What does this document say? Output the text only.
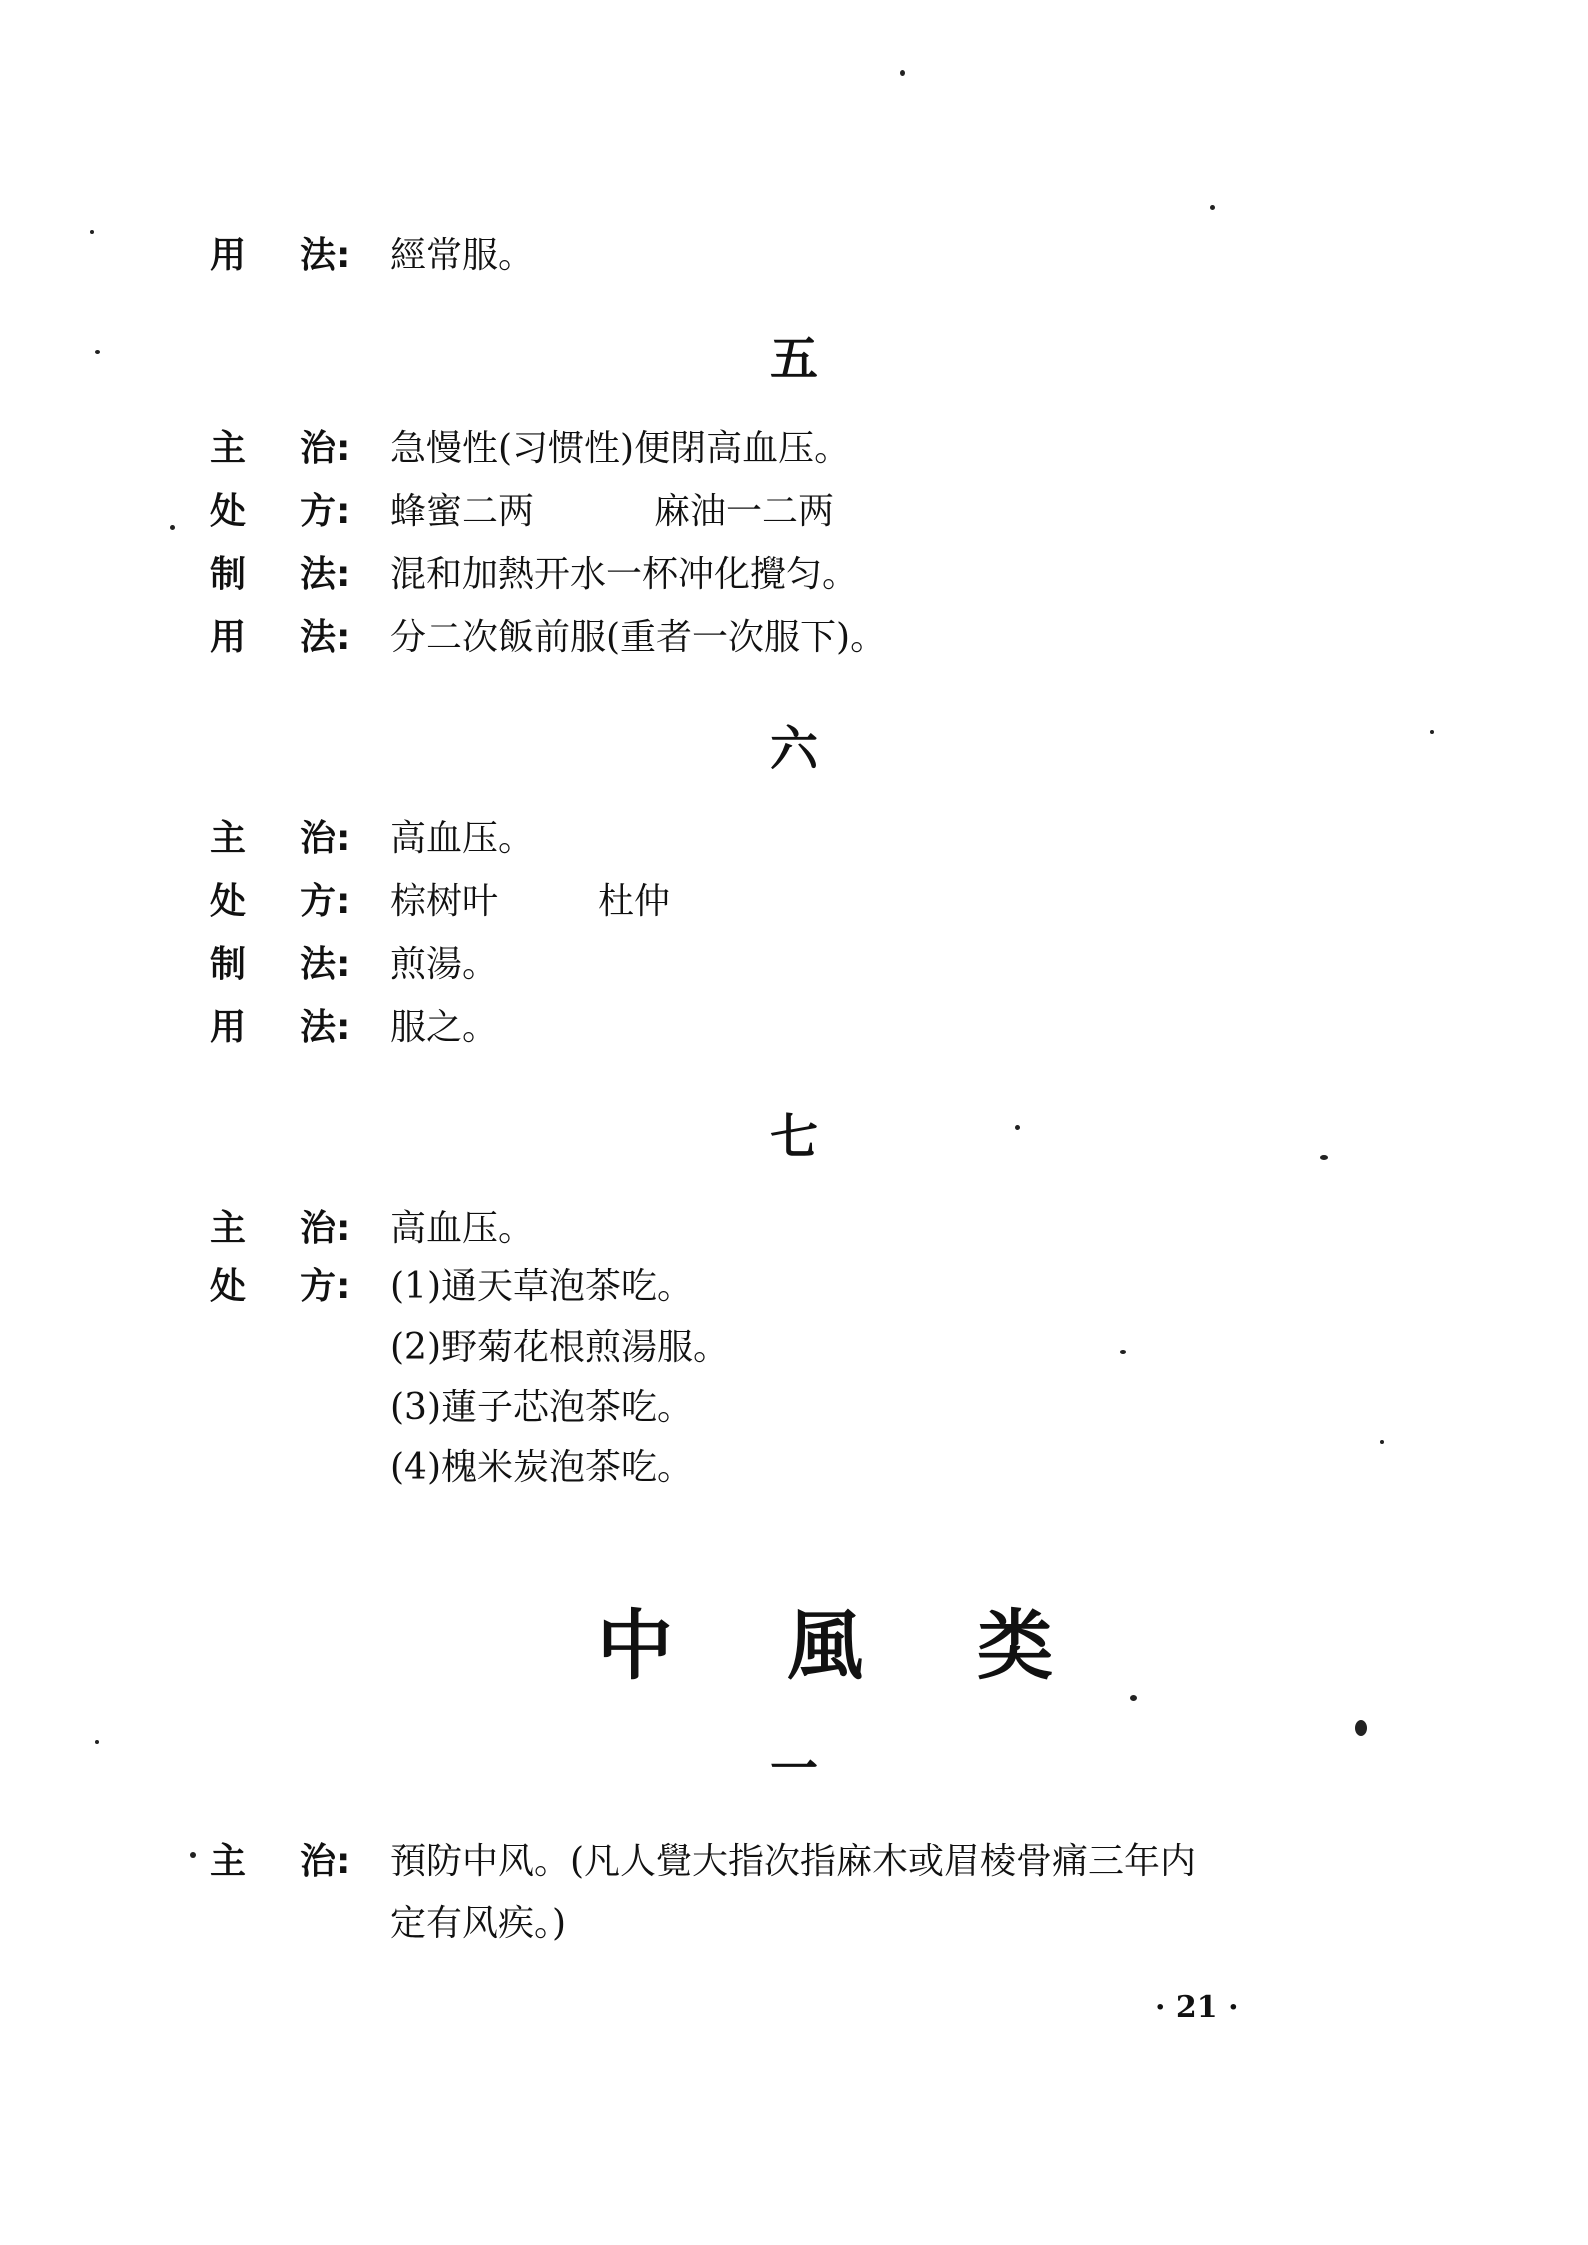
用 法:	經常服。
五
主 治:	急慢性(习惯性)便閉高血压。
处 方:	蜂蜜二两	麻油一二两
制 法:	混和加熱开水一杯冲化攪匀。
用 法:	分二次飯前服(重者一次服下)。
六
主 治:	高血压。
处 方:	棕树叶	杜仲
制 法:	煎湯。
用 法:	服之。
七
主 治:	高血压。
处 方:	(1)通天草泡茶吃。
(2)野菊花根煎湯服。
(3)蓮子芯泡茶吃。
(4)槐米炭泡茶吃。
中	風	类
一
主 治:	預防中风。(凡人覺大指次指麻木或眉棱骨痛三年内
定有风疾。)
· 21 ·
